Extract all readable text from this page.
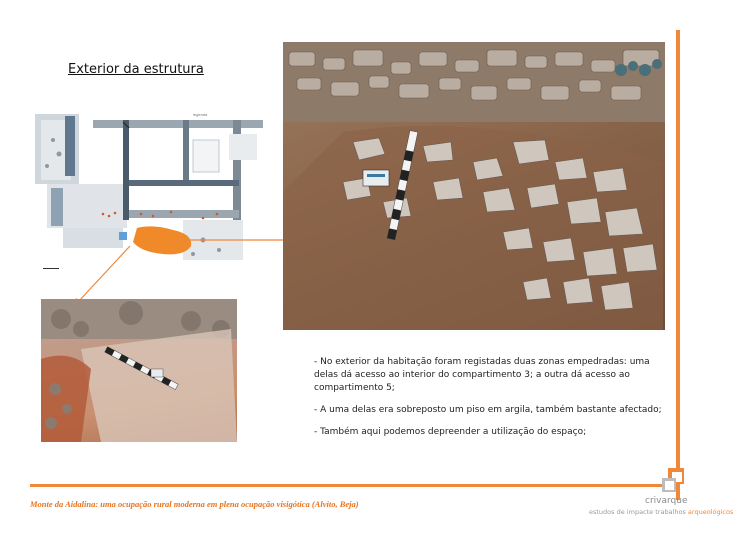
Exterior da estrutura
legenda

- No exterior da habitação foram registadas duas zonas empedradas: uma delas dá acesso ao interior do compartimento 3; a outra dá acesso ao compartimento 5;

- A uma delas era sobreposto um piso em argila, também bastante afectado;

- Também aqui podemos depreender a utilização do espaço;

Monte da Aidalina: uma ocupação rural moderna em plena ocupação visigótica (Alvito, Beja)	crivarque
estudos de impacte trabalhos arqueológicos
